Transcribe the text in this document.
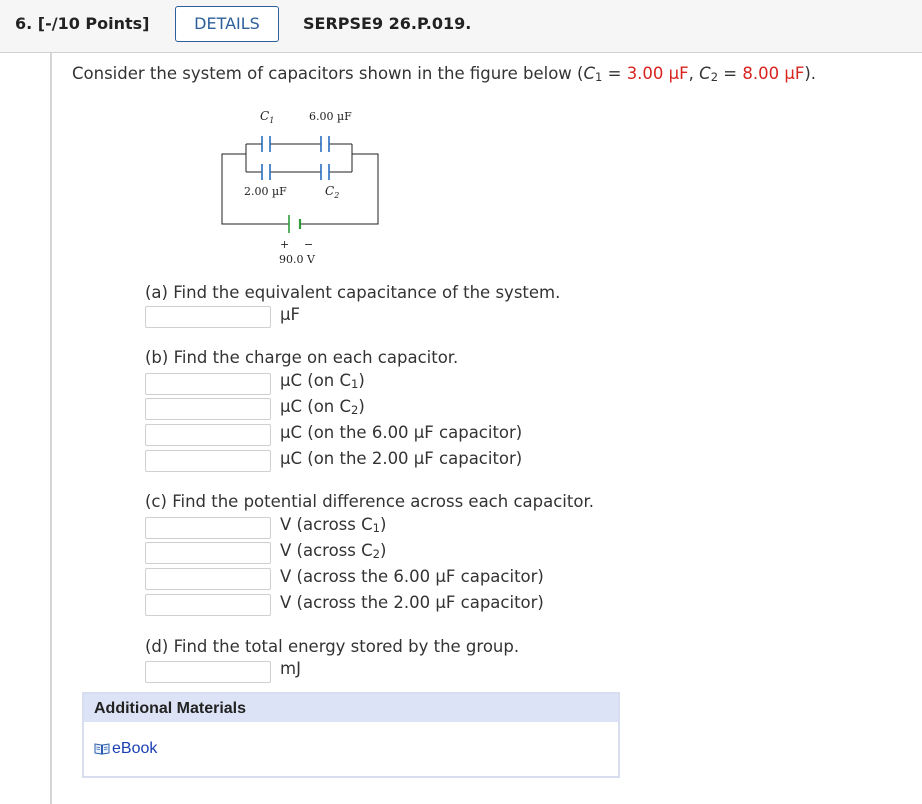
6. [-/10 Points]	DETAILS	SERPSE9 26.P.019.
Consider the system of capacitors shown in the figure below ($C_1 = 3.00$ µF, $C_2 = 8.00$ µF).
$C_1$	6.00 µF
2.00 µF	$C_2$
+ −
90.0 V
(a) Find the equivalent capacitance of the system.
µF
(b) Find the charge on each capacitor.
µC (on $C_1$)
µC (on $C_2$)
µC (on the 6.00 µF capacitor)
µC (on the 2.00 µF capacitor)
(c) Find the potential difference across each capacitor.
V (across $C_1$)
V (across $C_2$)
V (across the 6.00 µF capacitor)
V (across the 2.00 µF capacitor)
(d) Find the total energy stored by the group.
mJ
Additional Materials
eBook
